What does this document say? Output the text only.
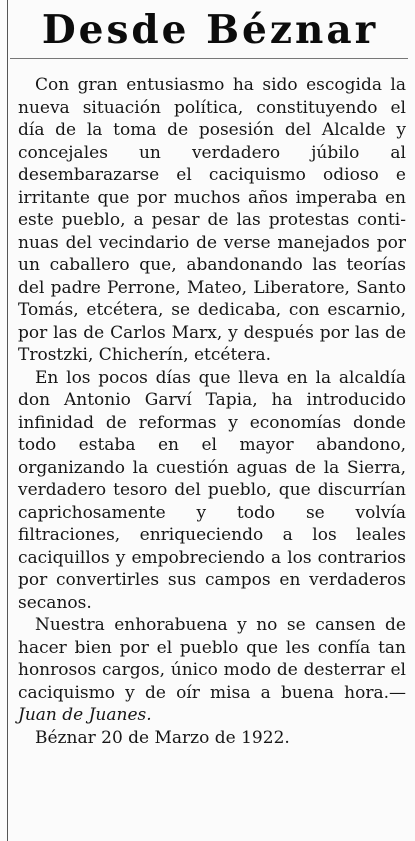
Desde Béznar

Con gran entusiasmo ha sido escogida la nueva situación política, constituyendo el día de la toma de posesión del Alcalde y concejales un verdadero júbilo al desembarazarse el caciquismo odioso e irritante que por muchos años imperaba en este pueblo, a pesar de las protestas continuas del vecindario de verse manejados por un caballero que, abandonando las teorías del padre Perrone, Mateo, Liberatore, Santo Tomás, etcétera, se dedicaba, con escarnio, por las de Carlos Marx, y después por las de Trostzki, Chicherín, etcétera.

En los pocos días que lleva en la alcaldía don Antonio Garví Tapia, ha introducido infinidad de reformas y economías donde todo estaba en el mayor abandono, organizando la cuestión aguas de la Sierra, verdadero tesoro del pueblo, que discurrían caprichosamente y todo se volvía filtraciones, enriqueciendo a los leales caciquillos y empobreciendo a los contrarios por convertirles sus campos en verdaderos secanos.

Nuestra enhorabuena y no se cansen de hacer bien por el pueblo que les confía tan honrosos cargos, único modo de desterrar el caciquismo y de oír misa a buena hora.—Juan de Juanes.

Béznar 20 de Marzo de 1922.
